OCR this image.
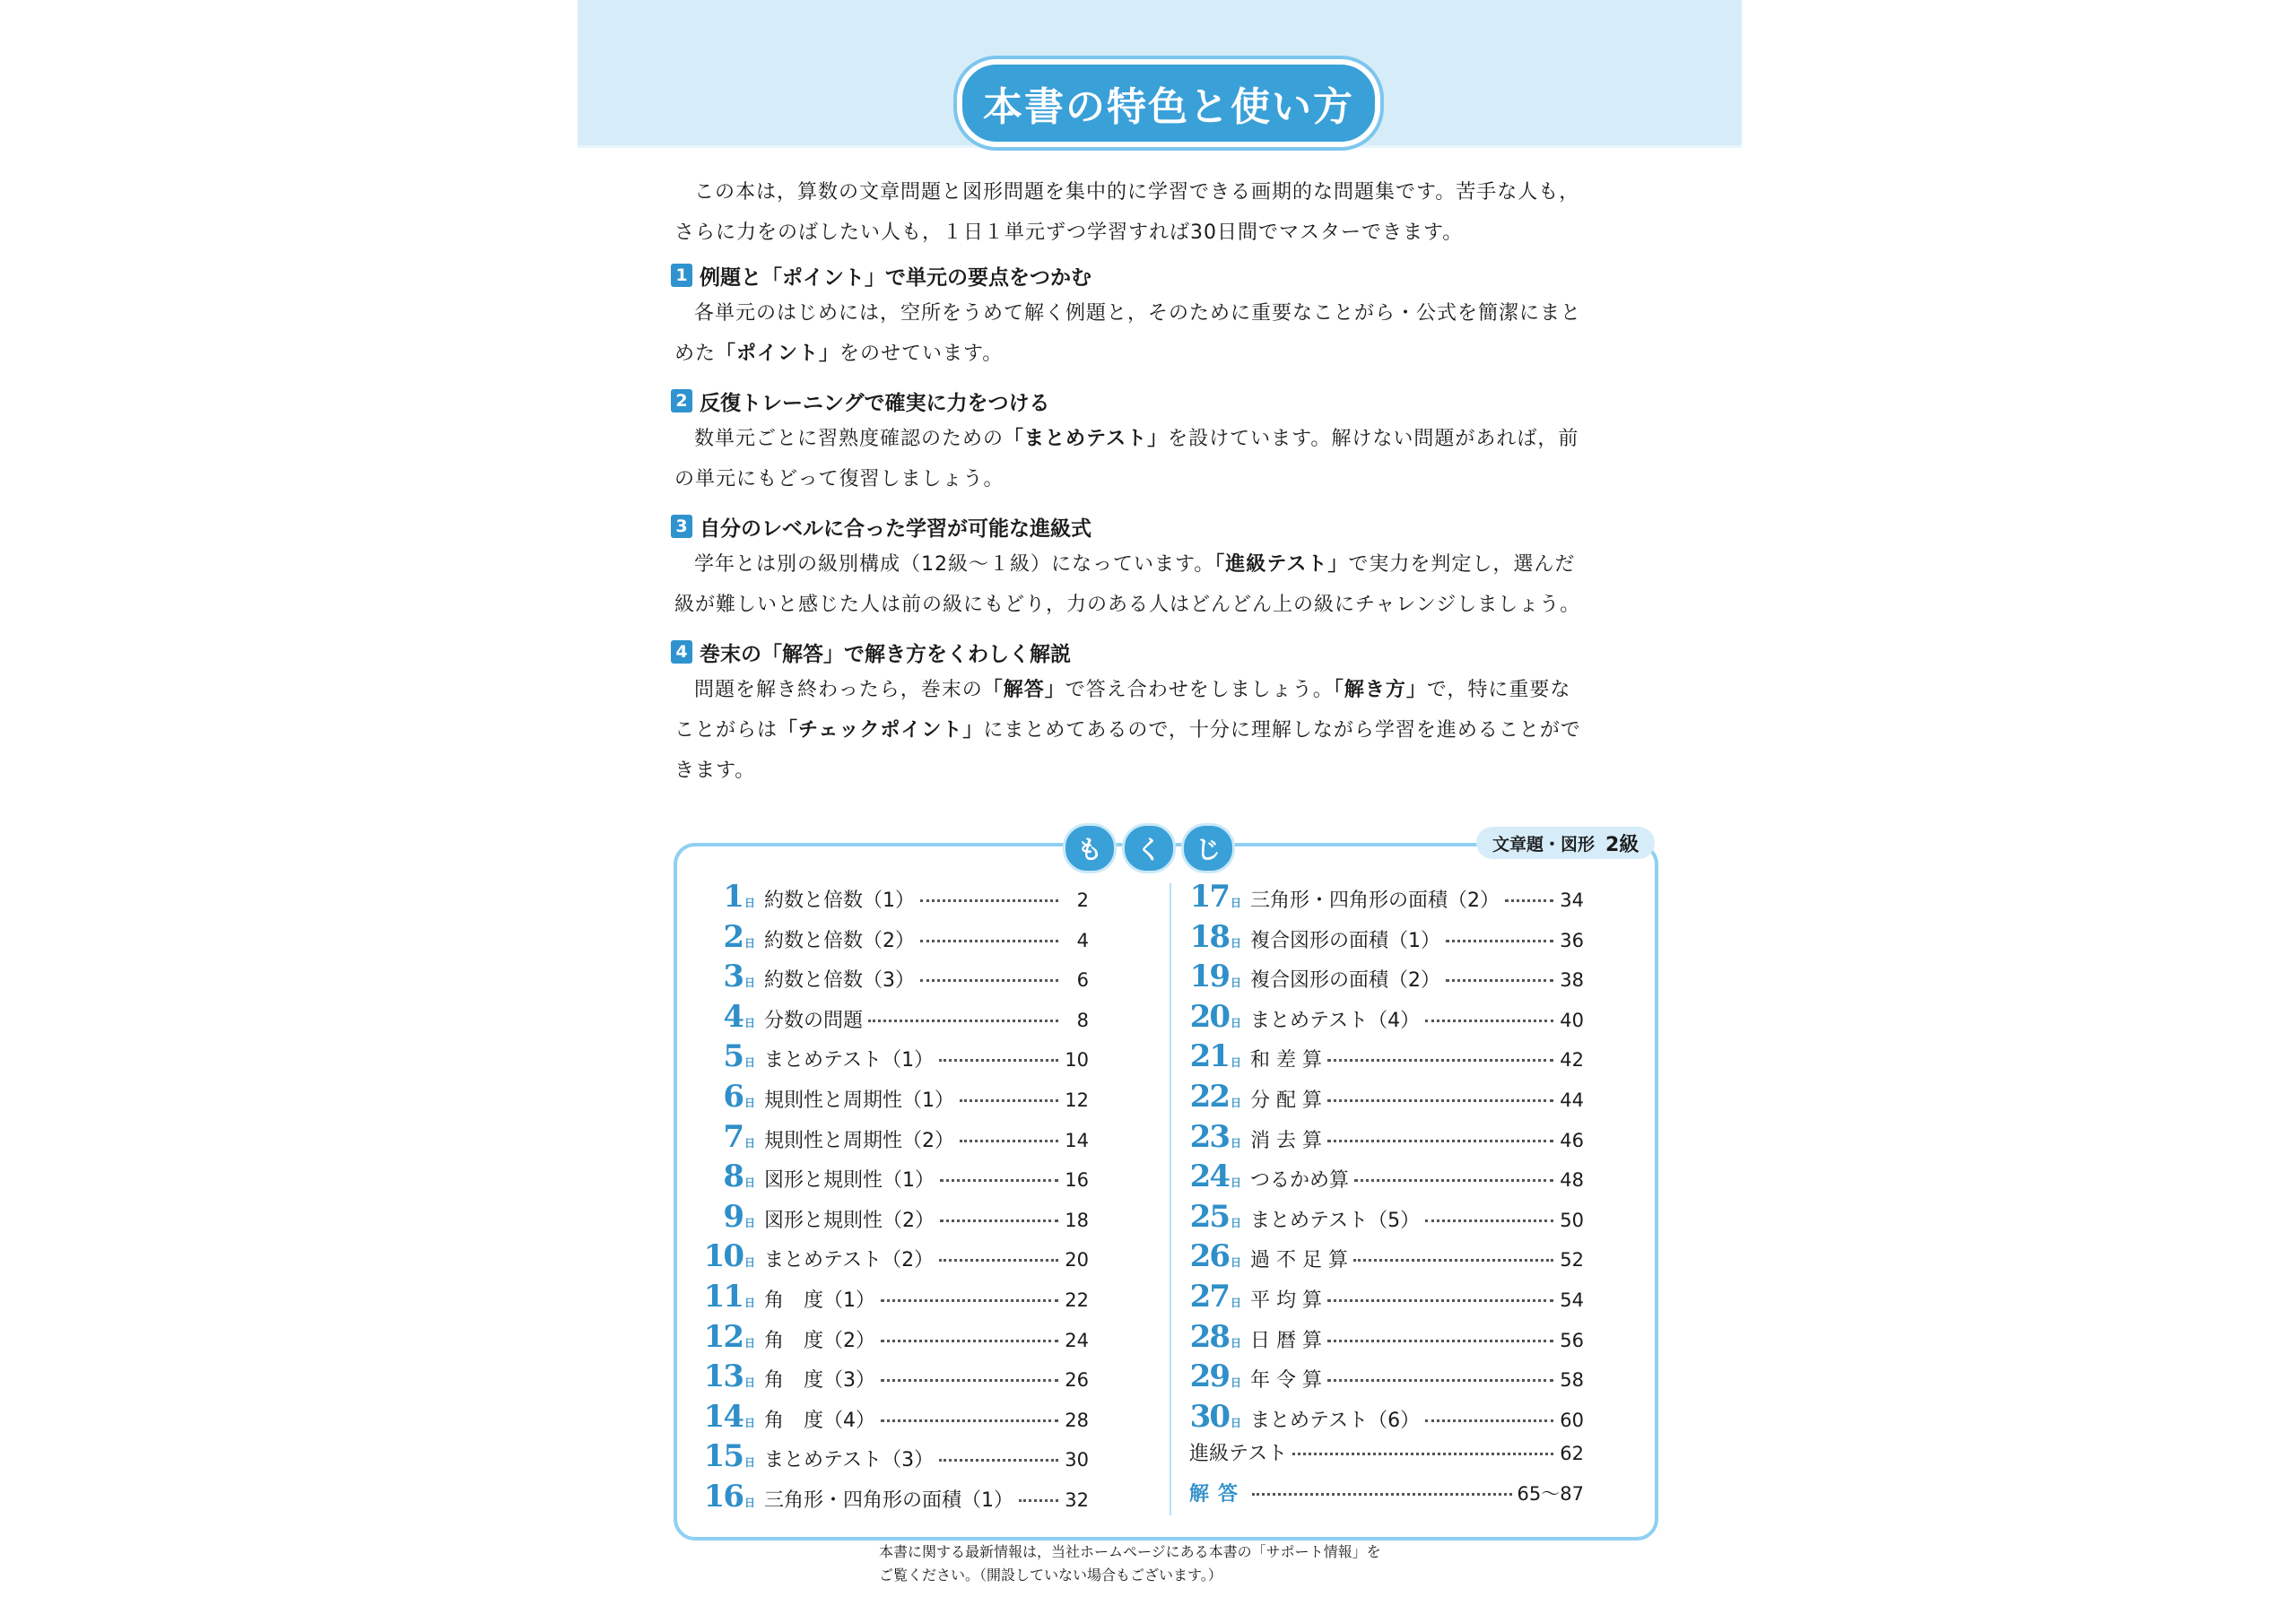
本書の特色と使い方

この本は，算数の文章問題と図形問題を集中的に学習できる画期的な問題集です。苦手な人も，

さらに力をのばしたい人も，１日１単元ずつ学習すれば30日間でマスターできます。

1 例題と「ポイント」で単元の要点をつかむ
各単元のはじめには，空所をうめて解く例題と，そのために重要なことがら・公式を簡潔にまと
めた「ポイント」をのせています。
2 反復トレーニングで確実に力をつける
数単元ごとに習熟度確認のための「まとめテスト」を設けています。解けない問題があれば，前
の単元にもどって復習しましょう。
3 自分のレベルに合った学習が可能な進級式
学年とは別の級別構成（12級～１級）になっています。「進級テスト」で実力を判定し，選んだ
級が難しいと感じた人は前の級にもどり，力のある人はどんどん上の級にチャレンジしましょう。
4 巻末の「解答」で解き方をくわしく解説
問題を解き終わったら，巻末の「解答」で答え合わせをしましょう。「解き方」で，特に重要な
ことがらは「チェックポイント」にまとめてあるので，十分に理解しながら学習を進めることがで
きます。
文章題・図形 2級
1 日 約数と倍数（1）	2
2 日 約数と倍数（2）	4
3 日 約数と倍数（3）	6
4 日 分数の問題	8
5 日 まとめテスト（1）	10
6 日 規則性と周期性（1）	12
7 日 規則性と周期性（2）	14
8 日 図形と規則性（1）	16
9 日 図形と規則性（2）	18
10 日 まとめテスト（2）	20
11 日 角　度（1）	22
12 日 角　度（2）	24
13 日 角　度（3）	26
14 日 角　度（4）	28
15 日 まとめテスト（3）	30
16 日 三角形・四角形の面積（1）	32
17 日 三角形・四角形の面積（2）	34
18 日 複合図形の面積（1）	36
19 日 複合図形の面積（2）	38
20 日 まとめテスト（4）	40
21 日 和 差 算	42
22 日 分 配 算	44
23 日 消 去 算	46
24 日 つるかめ算	48
25 日 まとめテスト（5）	50
26 日 過 不 足 算	52
27 日 平 均 算	54
28 日 日 暦 算	56
29 日 年 令 算	58
30 日 まとめテスト（6）	60
進級テスト	62
解答	65～87
本書に関する最新情報は，当社ホームページにある本書の「サポート情報」を
ご覧ください。（開設していない場合もございます。）
も	く	じ
